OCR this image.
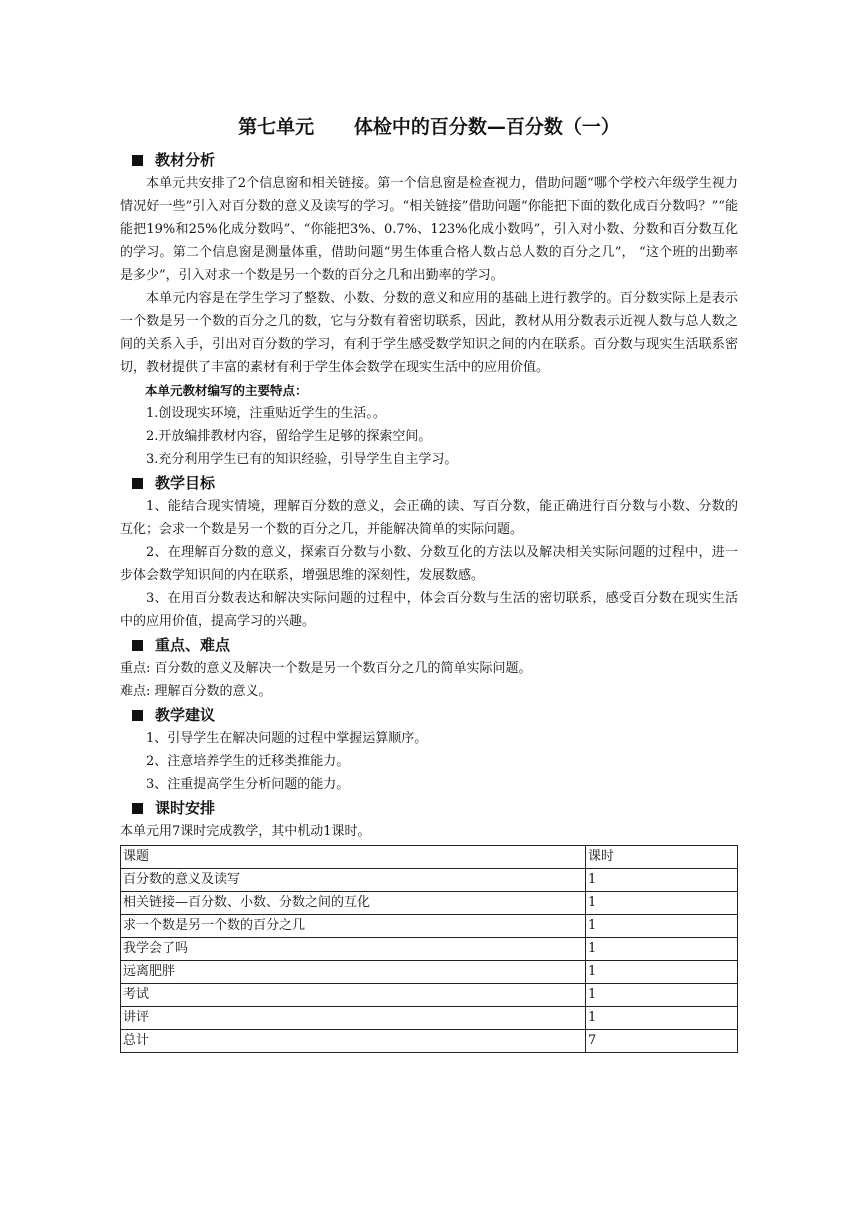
第七单元      体检中的百分数—百分数（一）
教材分析

本单元共安排了2个信息窗和相关链接。第一个信息窗是检查视力，借助问题“哪个学校六年级学生视力情况好一些”引入对百分数的意义及读写的学习。“相关链接”借助问题“你能把下面的数化成百分数吗？”“能能把19%和25%化成分数吗”、“你能把3%、0.7%、123%化成小数吗”，引入对小数、分数和百分数互化的学习。第二个信息窗是测量体重，借助问题“男生体重合格人数占总人数的百分之几”， “这个班的出勤率是多少”，引入对求一个数是另一个数的百分之几和出勤率的学习。

本单元内容是在学生学习了整数、小数、分数的意义和应用的基础上进行教学的。百分数实际上是表示一个数是另一个数的百分之几的数，它与分数有着密切联系，因此，教材从用分数表示近视人数与总人数之间的关系入手，引出对百分数的学习，有利于学生感受数学知识之间的内在联系。百分数与现实生活联系密切，教材提供了丰富的素材有利于学生体会数学在现实生活中的应用价值。

本单元教材编写的主要特点：

1.创设现实环境，注重贴近学生的生活。。

2.开放编排教材内容，留给学生足够的探索空间。

3.充分利用学生已有的知识经验，引导学生自主学习。

教学目标

1、能结合现实情境，理解百分数的意义，会正确的读、写百分数，能正确进行百分数与小数、分数的互化；会求一个数是另一个数的百分之几，并能解决简单的实际问题。

2、在理解百分数的意义，探索百分数与小数、分数互化的方法以及解决相关实际问题的过程中，进一步体会数学知识间的内在联系，增强思维的深刻性，发展数感。

3、在用百分数表达和解决实际问题的过程中，体会百分数与生活的密切联系，感受百分数在现实生活中的应用价值，提高学习的兴趣。

重点、难点

重点: 百分数的意义及解决一个数是另一个数百分之几的简单实际问题。

难点: 理解百分数的意义。

教学建议

1、引导学生在解决问题的过程中掌握运算顺序。

2、注意培养学生的迁移类推能力。

3、注重提高学生分析问题的能力。

课时安排

本单元用7课时完成教学，其中机动1课时。

课题	课时
百分数的意义及读写	1
相关链接—百分数、小数、分数之间的互化	1
求一个数是另一个数的百分之几	1
我学会了吗	1
远离肥胖	1
考试	1
讲评	1
总计	7
